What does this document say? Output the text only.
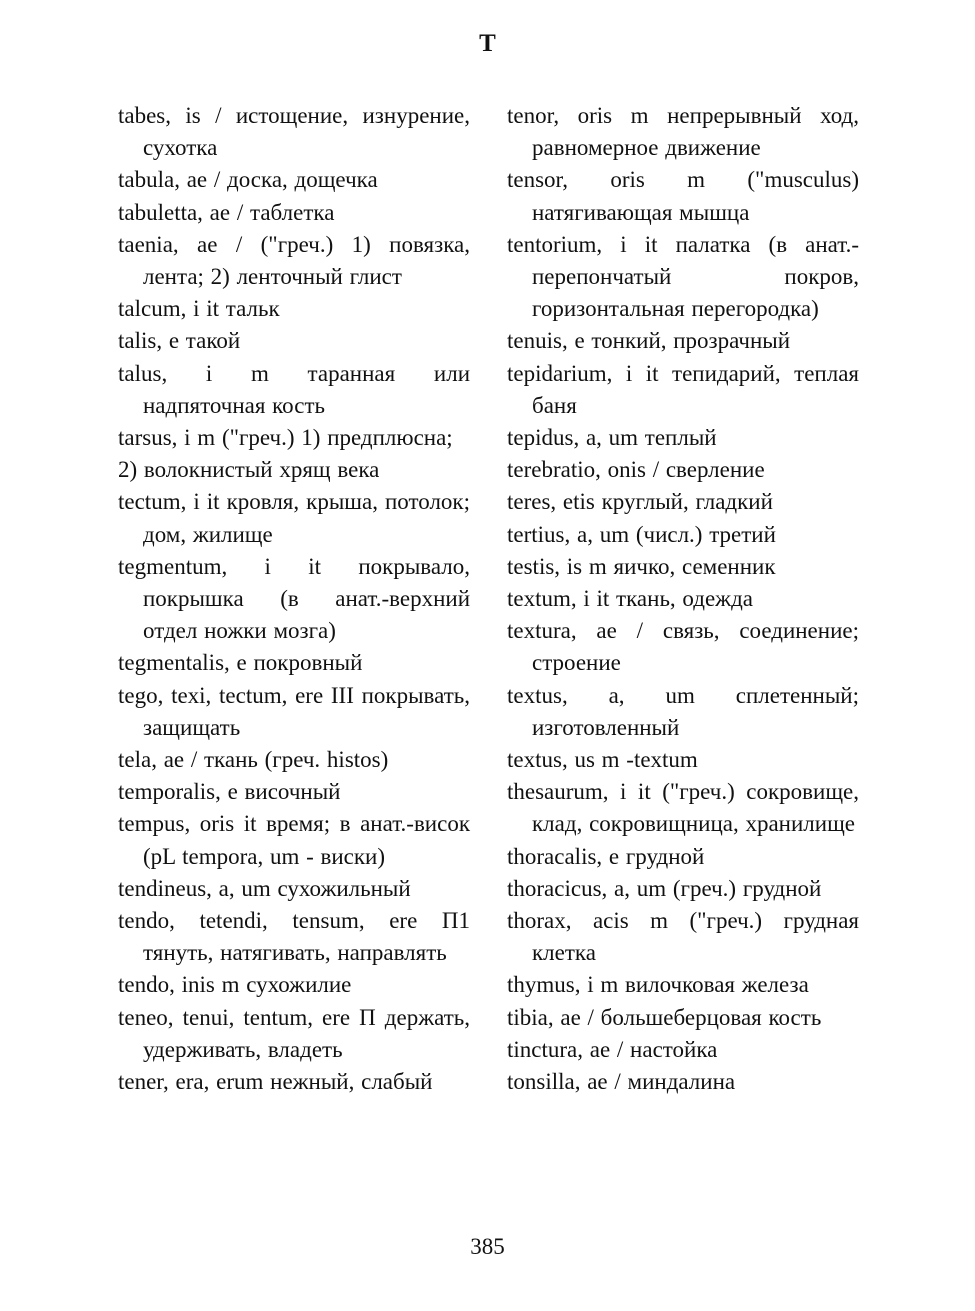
T

tabes, is / истощение, изнурение, сухотка

tabula, ae / доска, дощечка

tabuletta, ae / таблетка

taenia, ae / ("греч.) 1) повязка, лента; 2) ленточный глист

talcum, i it тальк

talis, e такой

talus, i m таранная или надпяточная кость

tarsus, i m ("греч.) 1) предплюсна;

2) волокнистый хрящ века

tectum, i it кровля, крыша, потолок; дом, жилище

tegmentum, i it покрывало, покрышка (в анат.-верхний отдел ножки мозга)

tegmentalis, e покровный

tego, texi, tectum, ere III покрывать, защищать

tela, ae / ткань (греч. histos)

temporalis, e височный

tempus, oris it время; в анат.-висок (pL tempora, um - виски)

tendineus, a, um сухожильный

tendo, tetendi, tensum, ere П1 тянуть, натягивать, направлять

tendo, inis m сухожилие

teneo, tenui, tentum, ere П держать, удерживать, владеть

tener, era, erum нежный, слабый

tenor, oris m непрерывный ход, равномерное движение

tensor, oris m ("musculus) натягивающая мышца

tentorium, i it палатка (в анат.-перепончатый покров, горизонтальная перегородка)

tenuis, e тонкий, прозрачный

tepidarium, i it тепидарий, теплая баня

tepidus, a, um теплый

terebratio, onis / сверление

teres, etis круглый, гладкий

tertius, a, um (числ.) третий

testis, is m яичко, семенник

textum, i it ткань, одежда

textura, ae / связь, соединение; строение

textus, a, um сплетенный; изготовленный

textus, us m -textum

thesaurum, i it ("греч.) сокровище, клад, сокровищница, хранилище

thoracalis, e грудной

thoracicus, a, um (греч.) грудной

thorax, acis m ("греч.) грудная клетка

thymus, i m вилочковая железа

tibia, ae / большеберцовая кость

tinctura, ae / настойка

tonsilla, ae / миндалина

385
